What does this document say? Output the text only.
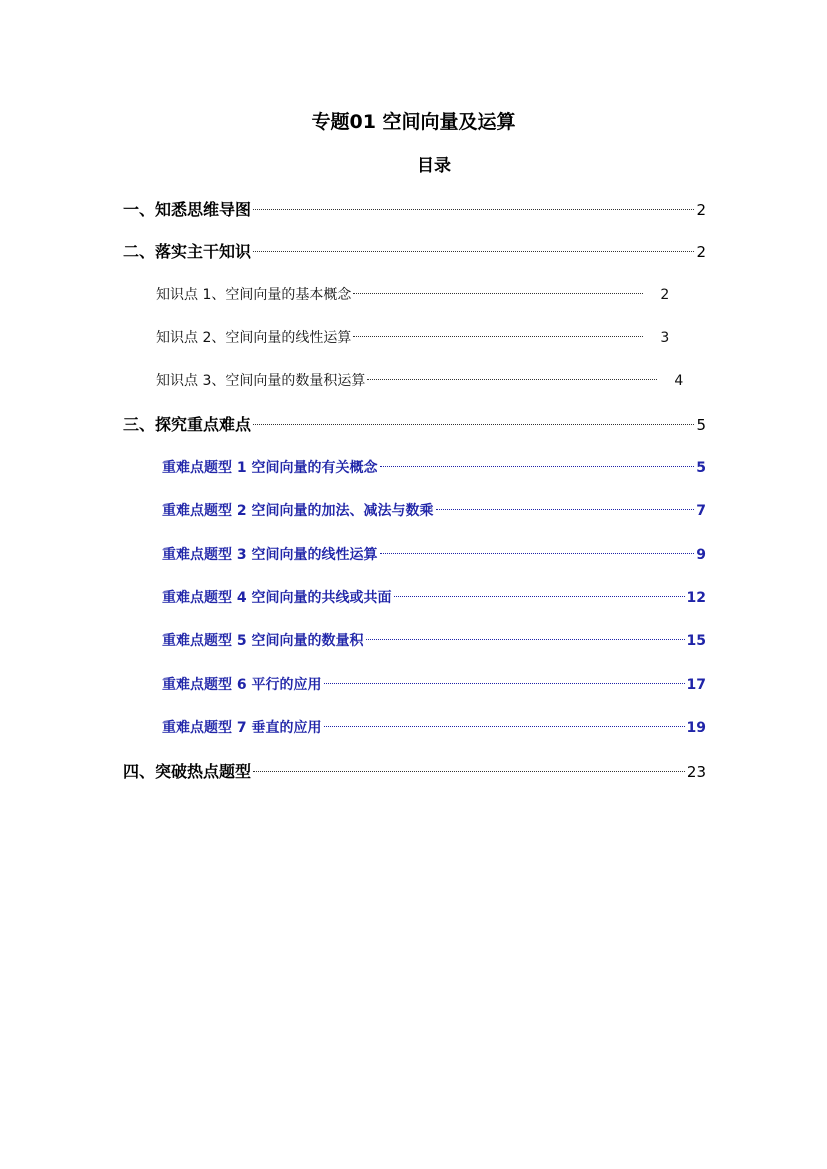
专题01 空间向量及运算
目录
一、知悉思维导图	2
二、落实主干知识	2
知识点 1、空间向量的基本概念	2
知识点 2、空间向量的线性运算	3
知识点 3、空间向量的数量积运算	4
三、探究重点难点	5
重难点题型 1 空间向量的有关概念	5
重难点题型 2 空间向量的加法、减法与数乘	7
重难点题型 3 空间向量的线性运算	9
重难点题型 4 空间向量的共线或共面	12
重难点题型 5 空间向量的数量积	15
重难点题型 6 平行的应用	17
重难点题型 7 垂直的应用	19
四、突破热点题型	23
